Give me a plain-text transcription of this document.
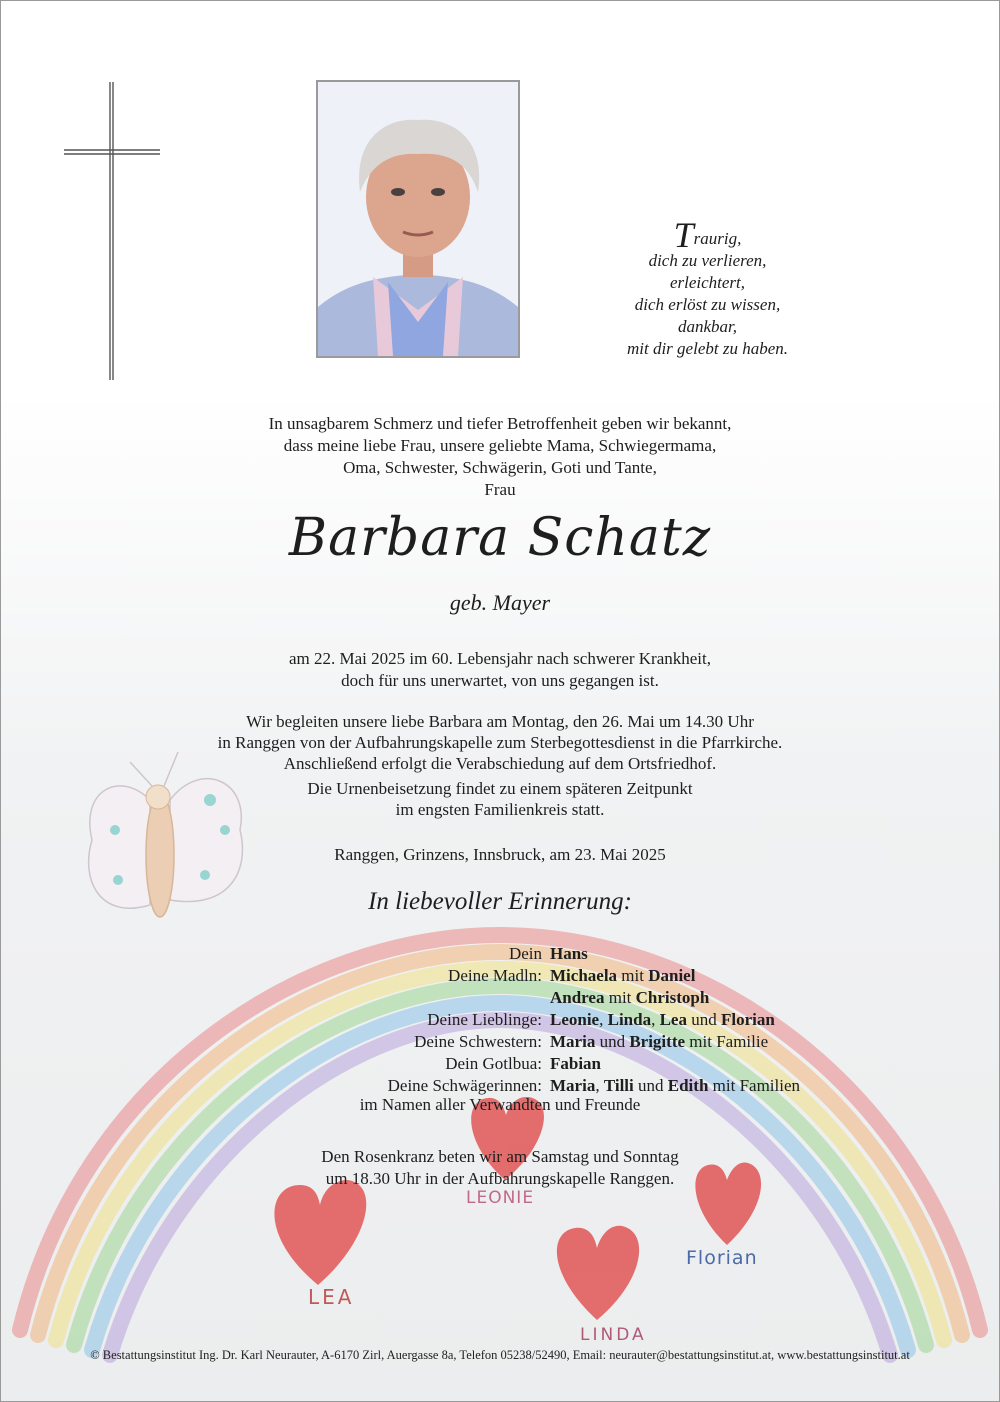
LEA
LEONIE
LINDA
Florian
Traurig,
dich zu verlieren,
erleichtert,
dich erlöst zu wissen,
dankbar,
mit dir gelebt zu haben.
In unsagbarem Schmerz und tiefer Betroffenheit geben wir bekannt,
dass meine liebe Frau, unsere geliebte Mama, Schwiegermama,
Oma, Schwester, Schwägerin, Goti und Tante,
Frau
Barbara Schatz
geb. Mayer
am 22. Mai 2025 im 60. Lebensjahr nach schwerer Krankheit,
doch für uns unerwartet, von uns gegangen ist.
Wir begleiten unsere liebe Barbara am Montag, den 26. Mai um 14.30 Uhr
in Ranggen von der Aufbahrungskapelle zum Sterbegottesdienst in die Pfarrkirche.
Anschließend erfolgt die Verabschiedung auf dem Ortsfriedhof.
Die Urnenbeisetzung findet zu einem späteren Zeitpunkt
im engsten Familienkreis statt.
Ranggen, Grinzens, Innsbruck, am 23. Mai 2025
In liebevoller Erinnerung:
Dein Hans
Deine Madln: Michaela mit Daniel
Andrea mit Christoph
Deine Lieblinge: Leonie, Linda, Lea und Florian
Deine Schwestern: Maria und Brigitte mit Familie
Dein Gotlbua: Fabian
Deine Schwägerinnen: Maria, Tilli und Edith mit Familien
im Namen aller Verwandten und Freunde
Den Rosenkranz beten wir am Samstag und Sonntag
um 18.30 Uhr in der Aufbahrungskapelle Ranggen.
© Bestattungsinstitut Ing. Dr. Karl Neurauter, A-6170 Zirl, Auergasse 8a, Telefon 05238/52490, Email: neurauter@bestattungsinstitut.at, www.bestattungsinstitut.at
